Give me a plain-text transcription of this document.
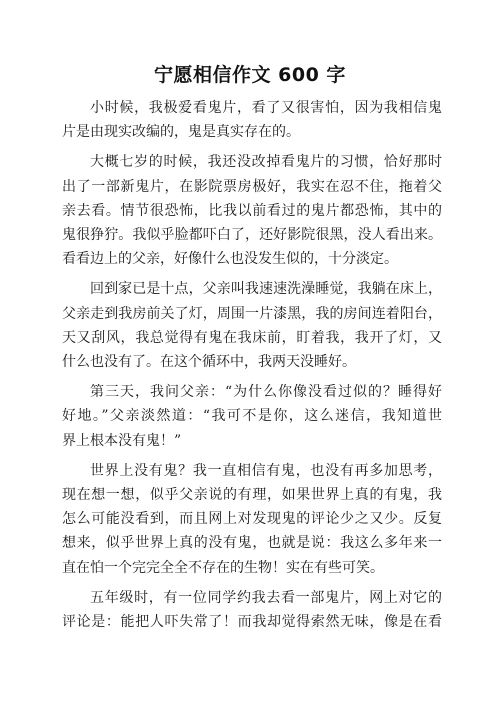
宁愿相信作文 600 字

小时候，我极爱看鬼片，看了又很害怕，因为我相信鬼
片是由现实改编的，鬼是真实存在的。

大概七岁的时候，我还没改掉看鬼片的习惯，恰好那时
出了一部新鬼片，在影院票房极好，我实在忍不住，拖着父
亲去看。情节很恐怖，比我以前看过的鬼片都恐怖，其中的
鬼很狰狞。我似乎脸都吓白了，还好影院很黑，没人看出来。
看看边上的父亲，好像什么也没发生似的，十分淡定。

回到家已是十点，父亲叫我速速洗澡睡觉，我躺在床上，
父亲走到我房前关了灯，周围一片漆黑，我的房间连着阳台，
天又刮风，我总觉得有鬼在我床前，盯着我，我开了灯，又
什么也没有了。在这个循环中，我两天没睡好。

第三天，我问父亲：“为什么你像没看过似的？睡得好
好地。”父亲淡然道：“我可不是你，这么迷信，我知道世
界上根本没有鬼！”

世界上没有鬼？我一直相信有鬼，也没有再多加思考，
现在想一想，似乎父亲说的有理，如果世界上真的有鬼，我
怎么可能没看到，而且网上对发现鬼的评论少之又少。反复
想来，似乎世界上真的没有鬼，也就是说：我这么多年来一
直在怕一个完完全全不存在的生物！实在有些可笑。

五年级时，有一位同学约我去看一部鬼片，网上对它的
评论是：能把人吓失常了！而我却觉得索然无味，像是在看
